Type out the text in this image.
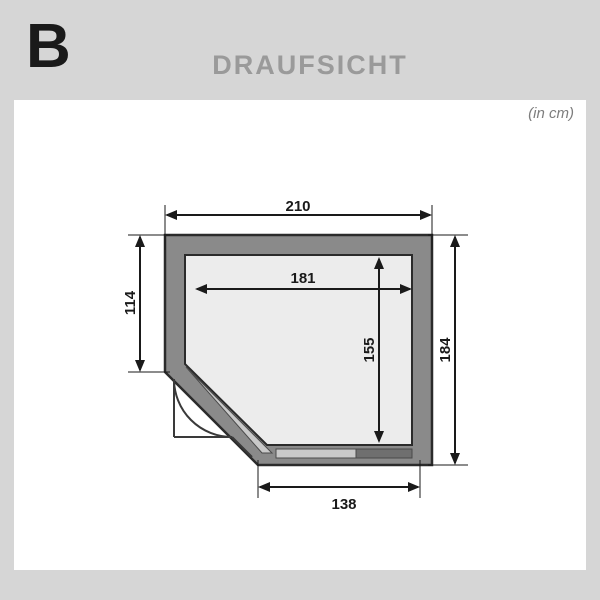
B	DRAUFSICHT
(in cm)
210
181
114
184
155
138
